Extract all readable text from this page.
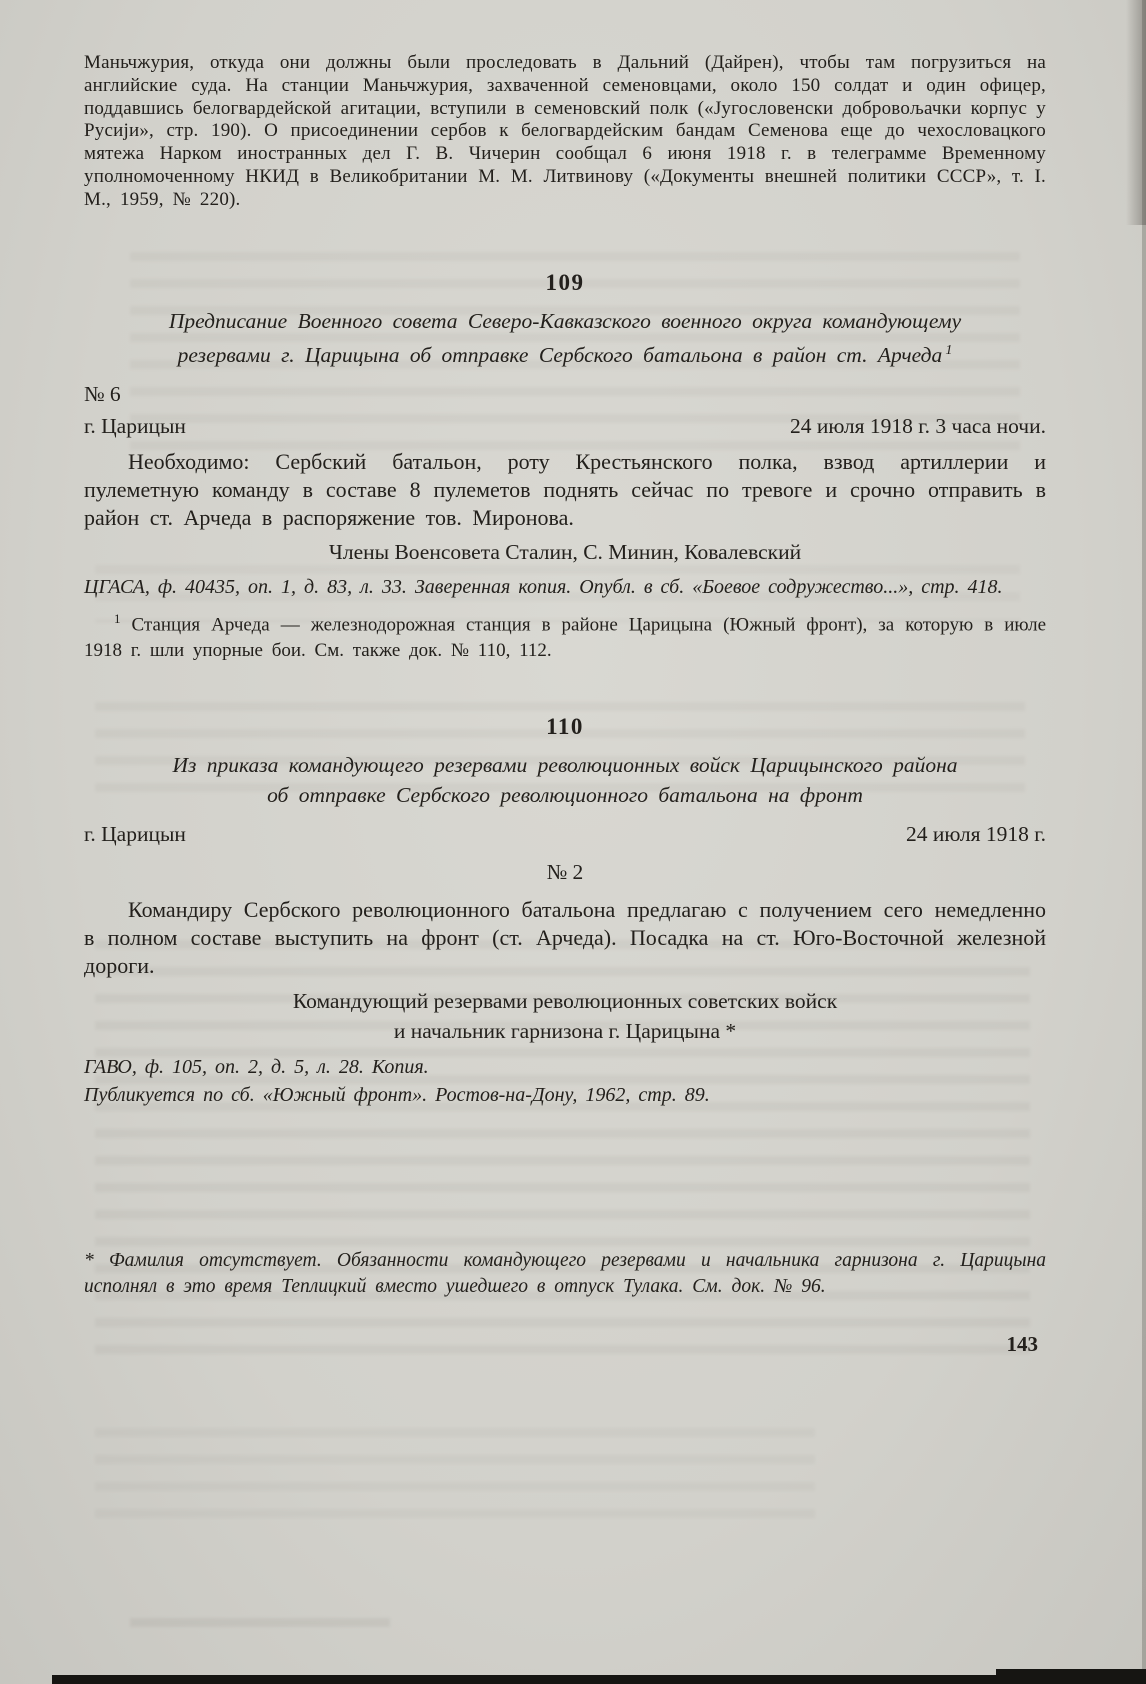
Маньчжурия, откуда они должны были проследовать в Дальний (Дайрен), чтобы там погрузиться на английские суда. На станции Маньчжурия, захваченной семеновцами, около 150 солдат и один офицер, поддавшись белогвардейской агитации, вступили в семеновский полк («Југословенски добровољачки корпус у Русији», стр. 190). О присоединении сербов к белогвардейским бандам Семенова еще до чехословацкого мятежа Нарком иностранных дел Г. В. Чичерин сообщал 6 июня 1918 г. в телеграмме Временному уполномоченному НКИД в Великобритании М. М. Литвинову («Документы внешней политики СССР», т. I. М., 1959, № 220).

109
Предписание Военного совета Северо-Кавказского военного округа командующему резервами г. Царицына об отправке Сербского батальона в район ст. Арчеда $^1$
№ 6
г. Царицын	24 июля 1918 г. 3 часа ночи.

Необходимо: Сербский батальон, роту Крестьянского полка, взвод артиллерии и пулеметную команду в составе 8 пулеметов поднять сейчас по тревоге и срочно отправить в район ст. Арчеда в распоряжение тов. Миронова.

Члены Военсовета Сталин, С. Минин, Ковалевский

ЦГАСА, ф. 40435, оп. 1, д. 83, л. 33. Заверенная копия. Опубл. в сб. «Боевое содружество...», стр. 418.

$^1$ Станция Арчеда — железнодорожная станция в районе Царицына (Южный фронт), за которую в июле 1918 г. шли упорные бои. См. также док. № 110, 112.

110
Из приказа командующего резервами революционных войск Царицынского района об отправке Сербского революционного батальона на фронт
г. Царицын	24 июля 1918 г.
№ 2

Командиру Сербского революционного батальона предлагаю с получением сего немедленно в полном составе выступить на фронт (ст. Арчеда). Посадка на ст. Юго-Восточной железной дороги.

Командующий резервами революционных советских войск
и начальник гарнизона г. Царицына *

ГАВО, ф. 105, оп. 2, д. 5, л. 28. Копия.

Публикуется по сб. «Южный фронт». Ростов-на-Дону, 1962, стр. 89.

* Фамилия отсутствует. Обязанности командующего резервами и начальника гарнизона г. Царицына исполнял в это время Теплицкий вместо ушедшего в отпуск Тулака. См. док. № 96.

143
